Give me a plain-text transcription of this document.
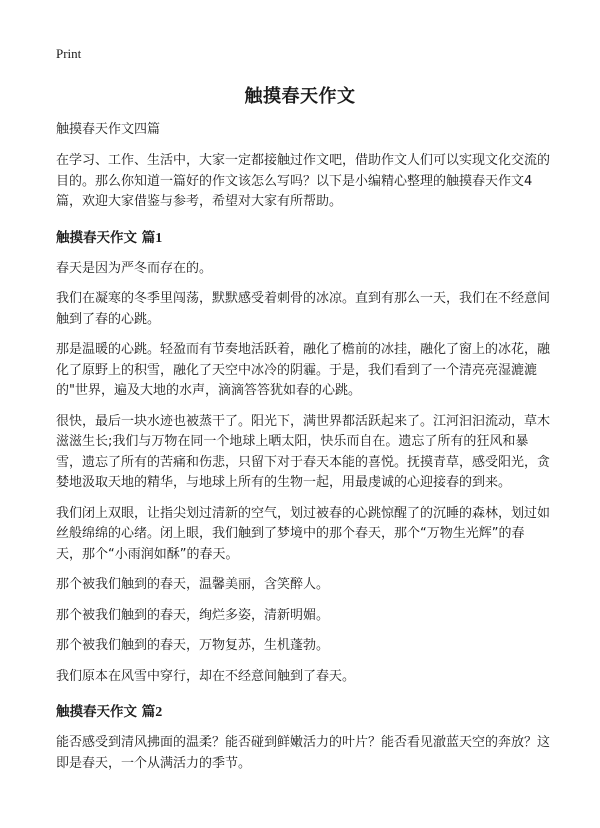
Print
触摸春天作文
触摸春天作文四篇

在学习、工作、生活中，大家一定都接触过作文吧，借助作文人们可以实现文化交流的目的。那么你知道一篇好的作文该怎么写吗？以下是小编精心整理的触摸春天作文4篇，欢迎大家借鉴与参考，希望对大家有所帮助。

触摸春天作文 篇1

春天是因为严冬而存在的。

我们在凝寒的冬季里闯荡，默默感受着刺骨的冰凉。直到有那么一天，我们在不经意间触到了春的心跳。

那是温暖的心跳。轻盈而有节奏地活跃着，融化了檐前的冰挂，融化了窗上的冰花，融化了原野上的积雪，融化了天空中冰冷的阴霾。于是，我们看到了一个清亮亮湿漉漉的"世界，遍及大地的水声，滴滴答答犹如春的心跳。

很快，最后一块水迹也被蒸干了。阳光下，满世界都活跃起来了。江河汩汩流动，草木滋滋生长;我们与万物在同一个地球上晒太阳，快乐而自在。遗忘了所有的狂风和暴雪，遗忘了所有的苦痛和伤悲，只留下对于春天本能的喜悦。抚摸青草，感受阳光，贪婪地汲取天地的精华，与地球上所有的生物一起，用最虔诚的心迎接春的到来。

我们闭上双眼，让指尖划过清新的空气，划过被春的心跳惊醒了的沉睡的森林，划过如丝般绵绵的心绪。闭上眼，我们触到了梦境中的那个春天，那个“万物生光辉”的春天，那个“小雨润如酥”的春天。

那个被我们触到的春天，温馨美丽，含笑醉人。

那个被我们触到的春天，绚烂多姿，清新明媚。

那个被我们触到的春天，万物复苏，生机蓬勃。

我们原本在风雪中穿行，却在不经意间触到了春天。

触摸春天作文 篇2

能否感受到清风拂面的温柔？能否碰到鲜嫩活力的叶片？能否看见澈蓝天空的奔放？这即是春天，一个从满活力的季节。
